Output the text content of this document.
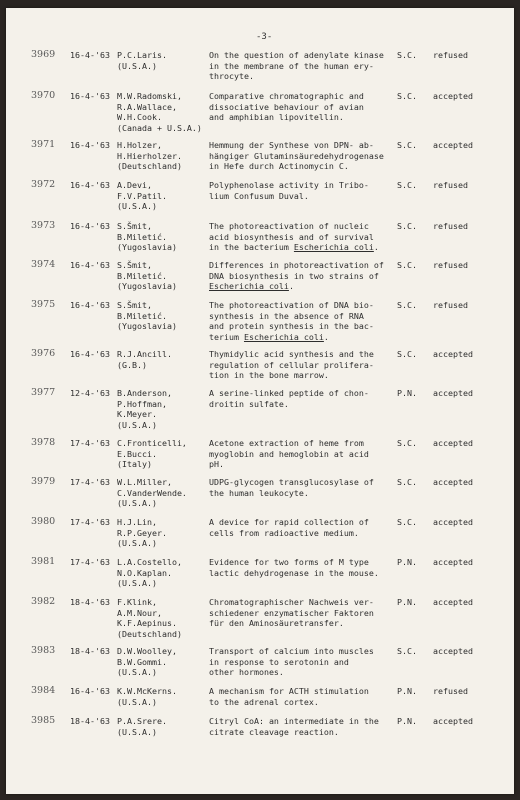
-3-
3969 16-4-'63 P.C.Laris.
(U.S.A.)
On the question of adenylate kinase
in the membrane of the human ery-
throcyte.
S.C. refused
3970 16-4-'63 M.W.Radomski,
R.A.Wallace,
W.H.Cook.
(Canada + U.S.A.)
Comparative chromatographic and
dissociative behaviour of avian
and amphibian lipovitellin.
S.C. accepted
3971 16-4-'63 H.Holzer,
H.Hierholzer.
(Deutschland)
Hemmung der Synthese von DPN- ab-
hängiger Glutaminsäuredehydrogenase
in Hefe durch Actinomycin C.
S.C. accepted
3972 16-4-'63 A.Devi,
F.V.Patil.
(U.S.A.)
Polyphenolase activity in Tribo-
lium Confusum Duval.
S.C. refused
3973 16-4-'63 S.Šmit,
B.Miletić.
(Yugoslavia)
The photoreactivation of nucleic
acid biosynthesis and of survival
in the bacterium Escherichia coli.
S.C. refused
3974 16-4-'63 S.Šmit,
B.Miletić.
(Yugoslavia)
Differences in photoreactivation of
DNA biosynthesis in two strains of
Escherichia coli.
S.C. refused
3975 16-4-'63 S.Šmit,
B.Miletić.
(Yugoslavia)
The photoreactivation of DNA bio-
synthesis in the absence of RNA
and protein synthesis in the bac-
terium Escherichia coli.
S.C. refused
3976 16-4-'63 R.J.Ancill.
(G.B.)
Thymidylic acid synthesis and the
regulation of cellular prolifera-
tion in the bone marrow.
S.C. accepted
3977 12-4-'63 B.Anderson,
P.Hoffman,
K.Meyer.
(U.S.A.)
A serine-linked peptide of chon-
droitin sulfate.
P.N. accepted
3978 17-4-'63 C.Fronticelli,
E.Bucci.
(Italy)
Acetone extraction of heme from
myoglobin and hemoglobin at acid
pH.
S.C. accepted
3979 17-4-'63 W.L.Miller,
C.VanderWende.
(U.S.A.)
UDPG-glycogen transglucosylase of
the human leukocyte.
S.C. accepted
3980 17-4-'63 H.J.Lin,
R.P.Geyer.
(U.S.A.)
A device for rapid collection of
cells from radioactive medium.
S.C. accepted
3981 17-4-'63 L.A.Costello,
N.O.Kaplan.
(U.S.A.)
Evidence for two forms of M type
lactic dehydrogenase in the mouse.
P.N. accepted
3982 18-4-'63 F.Klink,
A.M.Nour,
K.F.Aepinus.
(Deutschland)
Chromatographischer Nachweis ver-
schiedener enzymatischer Faktoren
für den Aminosäuretransfer.
P.N. accepted
3983 18-4-'63 D.W.Woolley,
B.W.Gommi.
(U.S.A.)
Transport of calcium into muscles
in response to serotonin and
other hormones.
S.C. accepted
3984 16-4-'63 K.W.McKerns.
(U.S.A.)
A mechanism for ACTH stimulation
to the adrenal cortex.
P.N. refused
3985 18-4-'63 P.A.Srere.
(U.S.A.)
Citryl CoA: an intermediate in the
citrate cleavage reaction.
P.N. accepted
